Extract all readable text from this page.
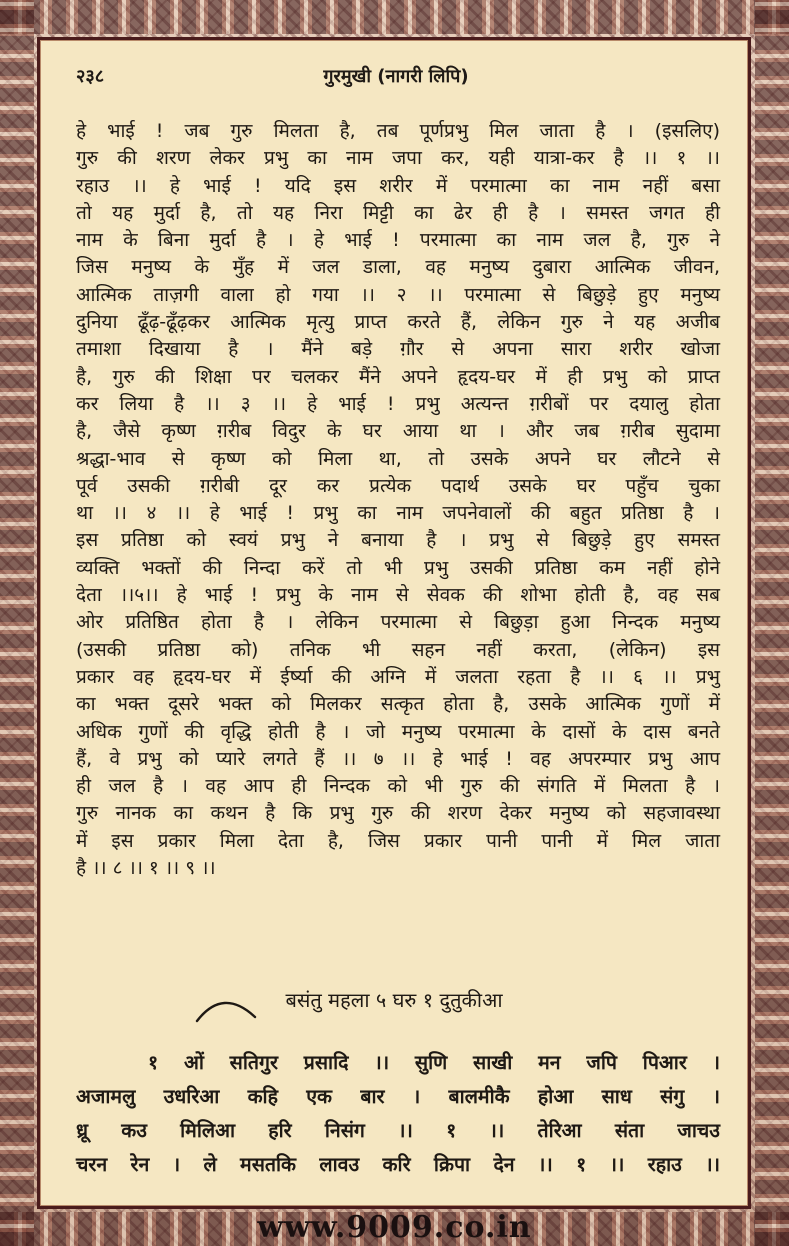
२३८	गुरमुखी (नागरी लिपि)

हे भाई ! जब गुरु मिलता है, तब पूर्णप्रभु मिल जाता है । (इसलिए)

गुरु की शरण लेकर प्रभु का नाम जपा कर, यही यात्रा-कर है ।। १ ।।

रहाउ ।। हे भाई ! यदि इस शरीर में परमात्मा का नाम नहीं बसा

तो यह मुर्दा है, तो यह निरा मिट्टी का ढेर ही है । समस्त जगत ही

नाम के बिना मुर्दा है । हे भाई ! परमात्मा का नाम जल है, गुरु ने

जिस मनुष्य के मुँह में जल डाला, वह मनुष्य दुबारा आत्मिक जीवन,

आत्मिक ताज़गी वाला हो गया ।। २ ।। परमात्मा से बिछुड़े हुए मनुष्य

दुनिया ढूँढ़-ढूँढ़कर आत्मिक मृत्यु प्राप्त करते हैं, लेकिन गुरु ने यह अजीब

तमाशा दिखाया है । मैंने बड़े ग़ौर से अपना सारा शरीर खोजा

है, गुरु की शिक्षा पर चलकर मैंने अपने हृदय-घर में ही प्रभु को प्राप्त

कर लिया है ।। ३ ।। हे भाई ! प्रभु अत्यन्त ग़रीबों पर दयालु होता

है, जैसे कृष्ण ग़रीब विदुर के घर आया था । और जब ग़रीब सुदामा

श्रद्धा-भाव से कृष्ण को मिला था, तो उसके अपने घर लौटने से

पूर्व उसकी ग़रीबी दूर कर प्रत्येक पदार्थ उसके घर पहुँच चुका

था ।। ४ ।। हे भाई ! प्रभु का नाम जपनेवालों की बहुत प्रतिष्ठा है ।

इस प्रतिष्ठा को स्वयं प्रभु ने बनाया है । प्रभु से बिछुड़े हुए समस्त

व्यक्ति भक्तों की निन्दा करें तो भी प्रभु उसकी प्रतिष्ठा कम नहीं होने

देता ।।५।। हे भाई ! प्रभु के नाम से सेवक की शोभा होती है, वह सब

ओर प्रतिष्ठित होता है । लेकिन परमात्मा से बिछुड़ा हुआ निन्दक मनुष्य

(उसकी प्रतिष्ठा को) तनिक भी सहन नहीं करता, (लेकिन) इस

प्रकार वह हृदय-घर में ईर्ष्या की अग्नि में जलता रहता है ।। ६ ।। प्रभु

का भक्त दूसरे भक्त को मिलकर सत्कृत होता है, उसके आत्मिक गुणों में

अधिक गुणों की वृद्धि होती है । जो मनुष्य परमात्मा के दासों के दास बनते

हैं, वे प्रभु को प्यारे लगते हैं ।। ७ ।। हे भाई ! वह अपरम्पार प्रभु आप

ही जल है । वह आप ही निन्दक को भी गुरु की संगति में मिलता है ।

गुरु नानक का कथन है कि प्रभु गुरु की शरण देकर मनुष्य को सहजावस्था

में इस प्रकार मिला देता है, जिस प्रकार पानी पानी में मिल जाता

है ।। ८ ।। १ ।। ९ ।।

बसंतु महला ५ घरु १ दुतुकीआ

१ ओं सतिगुर प्रसादि ।। सुणि साखी मन जपि पिआर ।

अजामलु उधरिआ कहि एक बार । बालमीकै होआ साध संगु ।

ध्रू कउ मिलिआ हरि निसंग ।। १ ।। तेरिआ संता जाचउ

चरन रेन । ले मसतकि लावउ करि क्रिपा देन ।। १ ।। रहाउ ।।

www.9009.co.in
